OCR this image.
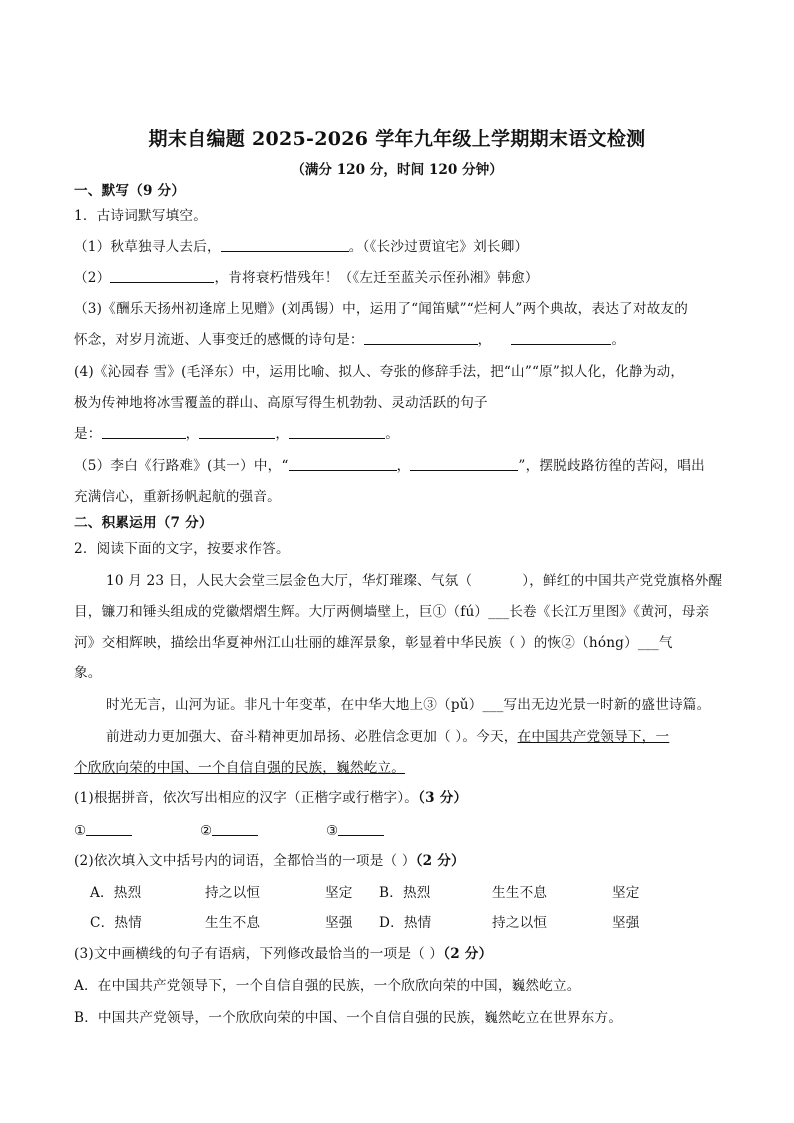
期末自编题 2025-2026 学年九年级上学期期末语文检测
（满分 120 分，时间 120 分钟）
一、默写（9 分）
1．古诗词默写填空。
（1）秋草独寻人去后，	。（《长沙过贾谊宅》刘长卿）
（2）	，肯将衰朽惜残年！（《左迁至蓝关示侄孙湘》韩愈）
（3)《酬乐天扬州初逢席上见赠》(刘禹锡）中，运用了“闻笛赋”“烂柯人”两个典故，表达了对故友的
怀念，对岁月流逝、人事变迁的感慨的诗句是：	，	。
(4)《沁园春 雪》(毛泽东）中，运用比喻、拟人、夸张的修辞手法，把“山”“原”拟人化，化静为动，
极为传神地将冰雪覆盖的群山、高原写得生机勃勃、灵动活跃的句子
是：	，	，	。
（5）李白《行路难》(其一）中，“	，	”，摆脱歧路彷徨的苦闷，唱出
充满信心，重新扬帆起航的强音。
二、积累运用（7 分）
2．阅读下面的文字，按要求作答。
10 月 23 日，人民大会堂三层金色大厅，华灯璀璨、气氛（	），鲜红的中国共产党党旗格外醒
目，镰刀和锤头组成的党徽熠熠生辉。大厅两侧墙壁上，巨①（fú）___长卷《长江万里图》《黄河，母亲
河》交相辉映，描绘出华夏神州江山壮丽的雄浑景象，彰显着中华民族（ ）的恢②（hóng）___气
象。
时光无言，山河为证。非凡十年变革，在中华大地上③（pǔ）___写出无边光景一时新的盛世诗篇。
前进动力更加强大、奋斗精神更加昂扬、必胜信念更加（ ）。今天，在中国共产党领导下，一
个欣欣向荣的中国、一个自信自强的民族，巍然屹立。
(1)根据拼音，依次写出相应的汉字（正楷字或行楷字）。（3 分）
①	②	③
(2)依次填入文中括号内的词语，全都恰当的一项是（ ）（2 分）
A．热烈	持之以恒	坚定 B．热烈	生生不息	坚定
C．热情	生生不息	坚强 D．热情	持之以恒	坚强
(3)文中画横线的句子有语病，下列修改最恰当的一项是（ ）（2 分）
A．在中国共产党领导下，一个自信自强的民族，一个欣欣向荣的中国，巍然屹立。
B．中国共产党领导，一个欣欣向荣的中国、一个自信自强的民族，巍然屹立在世界东方。
